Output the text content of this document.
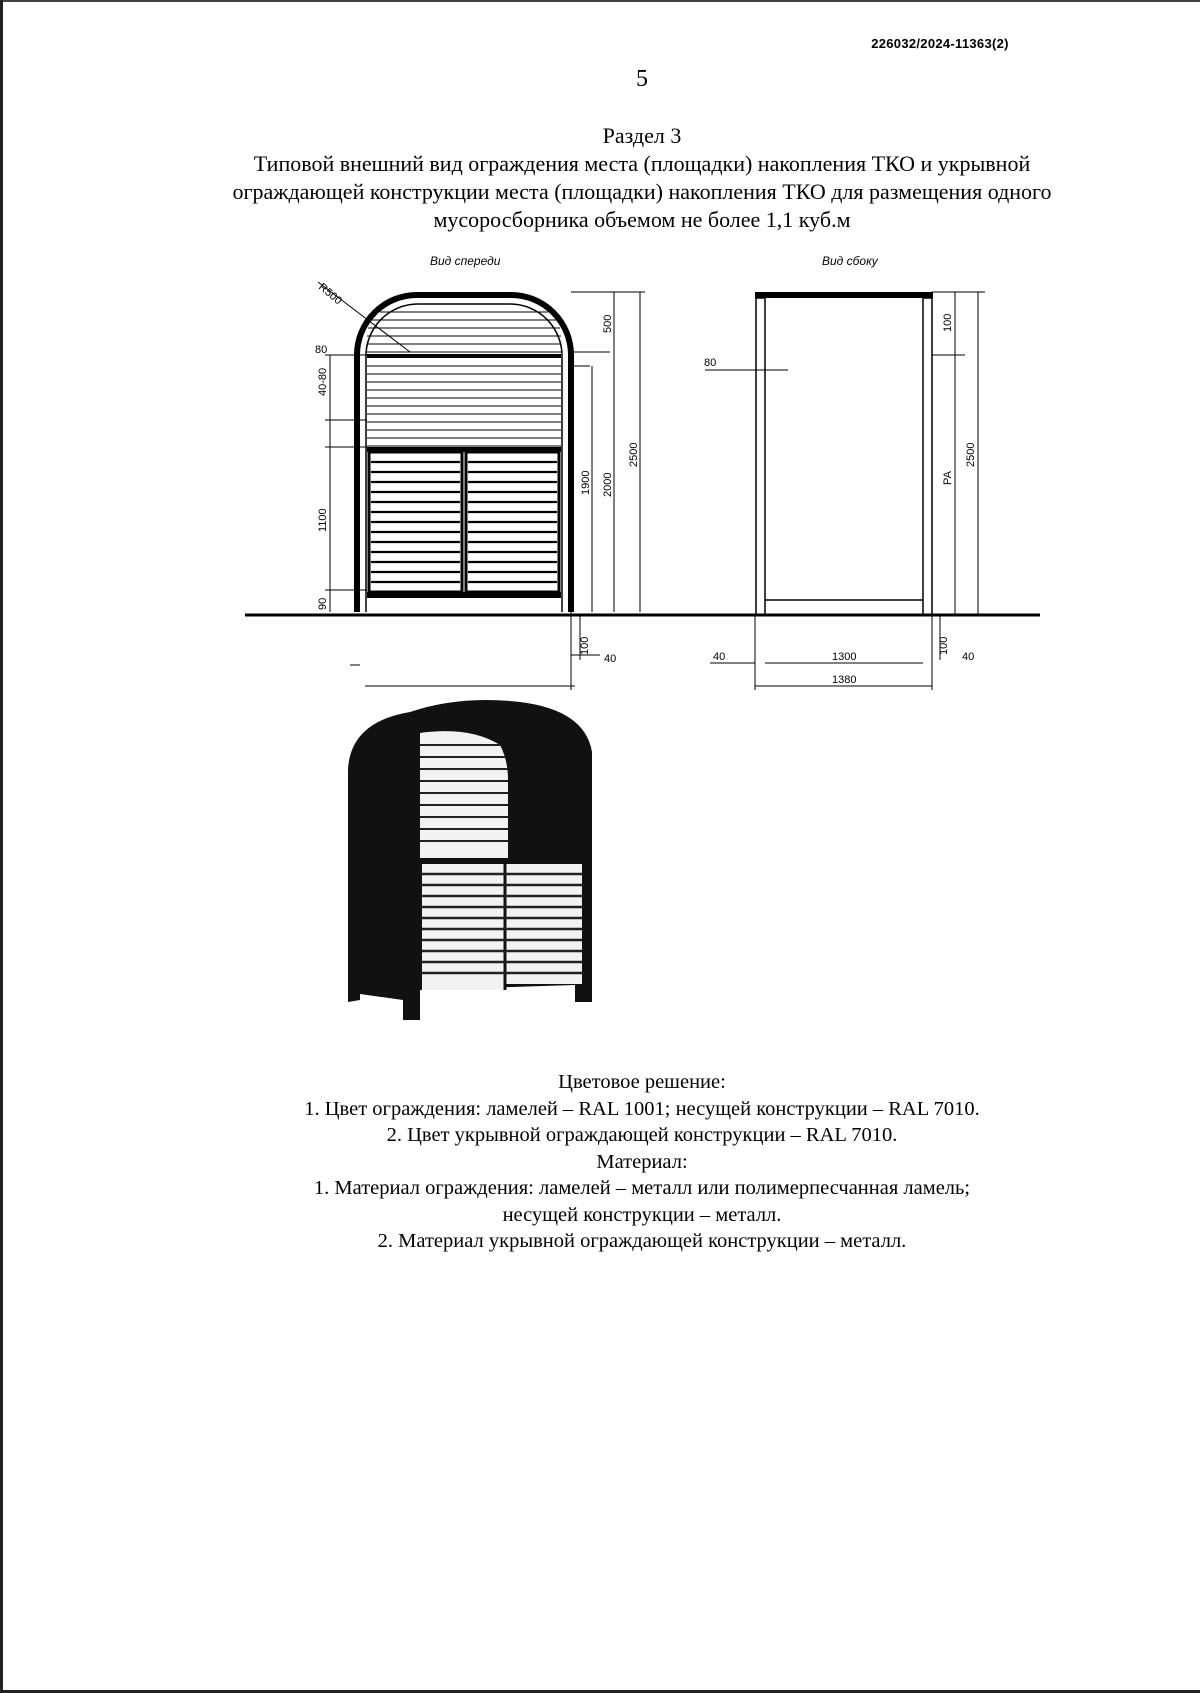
226032/2024-11363(2)
5
Раздел 3
Типовой внешний вид ограждения места (площадки) накопления ТКО и укрывной
ограждающей конструкции места (площадки) накопления ТКО для размещения одного
мусоросборника объемом не более 1,1 куб.м
Вид спереди	Вид сбоку
R500
80
40-80
1100
90
500
1900 2000
2500
100
40
80
100
РА
2500
1300
1380
100
40	40
Цветовое решение:
1. Цвет ограждения: ламелей – RAL 1001; несущей конструкции – RAL 7010.
2. Цвет укрывной ограждающей конструкции – RAL 7010.
Материал:
1. Материал ограждения: ламелей – металл или полимерпесчанная ламель;
несущей конструкции – металл.
2. Материал укрывной ограждающей конструкции – металл.
